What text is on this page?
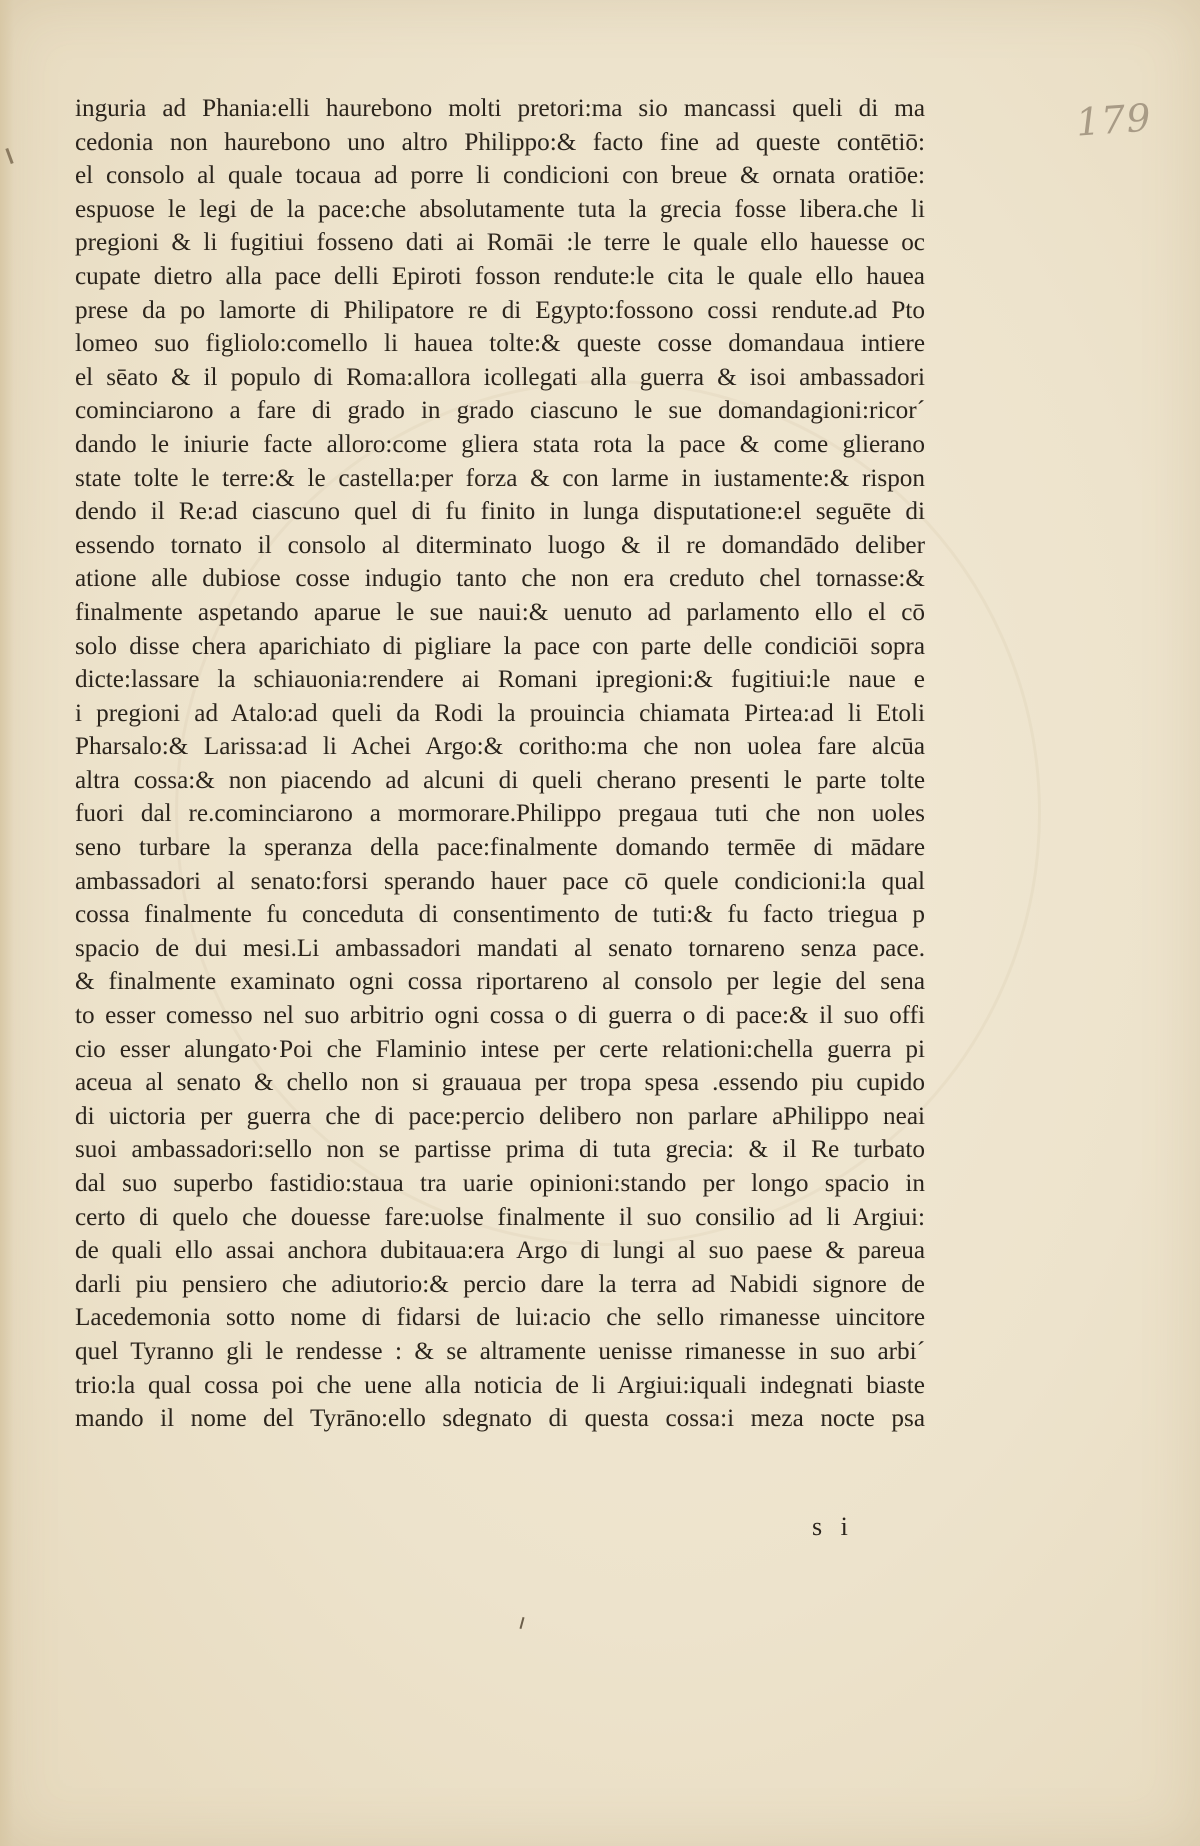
179
inguria ad Phania:elli haurebono molti pretori:ma sio mancassi queli di ma
cedonia non haurebono uno altro Philippo:& facto fine ad queste contētiō:
el consolo al quale tocaua ad porre li condicioni con breue & ornata oratiōe:
espuose le legi de la pace:che absolutamente tuta la grecia fosse libera.che li
pregioni & li fugitiui fosseno dati ai Romāi :le terre le quale ello hauesse oc
cupate dietro alla pace delli Epiroti fosson rendute:le cita le quale ello hauea
prese da po lamorte di Philipatore re di Egypto:fossono cossi rendute.ad Pto
lomeo suo figliolo:comello li hauea tolte:& queste cosse domandaua intiere
el sēato & il populo di Roma:allora icollegati alla guerra & isoi ambassadori
cominciarono a fare di grado in grado ciascuno le sue domandagioni:ricor´
dando le iniurie facte alloro:come gliera stata rota la pace & come glierano
state tolte le terre:& le castella:per forza & con larme in iustamente:& rispon
dendo il Re:ad ciascuno quel di fu finito in lunga disputatione:el seguēte di
essendo tornato il consolo al diterminato luogo & il re domandādo deliber
atione alle dubiose cosse indugio tanto che non era creduto chel tornasse:&
finalmente aspetando aparue le sue naui:& uenuto ad parlamento ello el cō
solo disse chera aparichiato di pigliare la pace con parte delle condiciōi sopra
dicte:lassare la schiauonia:rendere ai Romani ipregioni:& fugitiui:le naue e
i pregioni ad Atalo:ad queli da Rodi la prouincia chiamata Pirtea:ad li Etoli
Pharsalo:& Larissa:ad li Achei Argo:& coritho:ma che non uolea fare alcūa
altra cossa:& non piacendo ad alcuni di queli cherano presenti le parte tolte
fuori dal re.cominciarono a mormorare.Philippo pregaua tuti che non uoles
seno turbare la speranza della pace:finalmente domando termēe di mādare
ambassadori al senato:forsi sperando hauer pace cō quele condicioni:la qual
cossa finalmente fu conceduta di consentimento de tuti:& fu facto triegua p
spacio de dui mesi.Li ambassadori mandati al senato tornareno senza pace.
& finalmente examinato ogni cossa riportareno al consolo per legie del sena
to esser comesso nel suo arbitrio ogni cossa o di guerra o di pace:& il suo offi
cio esser alungato·Poi che Flaminio intese per certe relationi:chella guerra pi
aceua al senato & chello non si grauaua per tropa spesa .essendo piu cupido
di uictoria per guerra che di pace:percio delibero non parlare aPhilippo neai
suoi ambassadori:sello non se partisse prima di tuta grecia: & il Re turbato
dal suo superbo fastidio:staua tra uarie opinioni:stando per longo spacio in
certo di quelo che douesse fare:uolse finalmente il suo consilio ad li Argiui:
de quali ello assai anchora dubitaua:era Argo di lungi al suo paese & pareua
darli piu pensiero che adiutorio:& percio dare la terra ad Nabidi signore de
Lacedemonia sotto nome di fidarsi de lui:acio che sello rimanesse uincitore
quel Tyranno gli le rendesse : & se altramente uenisse rimanesse in suo arbi´
trio:la qual cossa poi che uene alla noticia de li Argiui:iquali indegnati biaste
mando il nome del Tyrāno:ello sdegnato di questa cossa:i meza nocte psa
s i
